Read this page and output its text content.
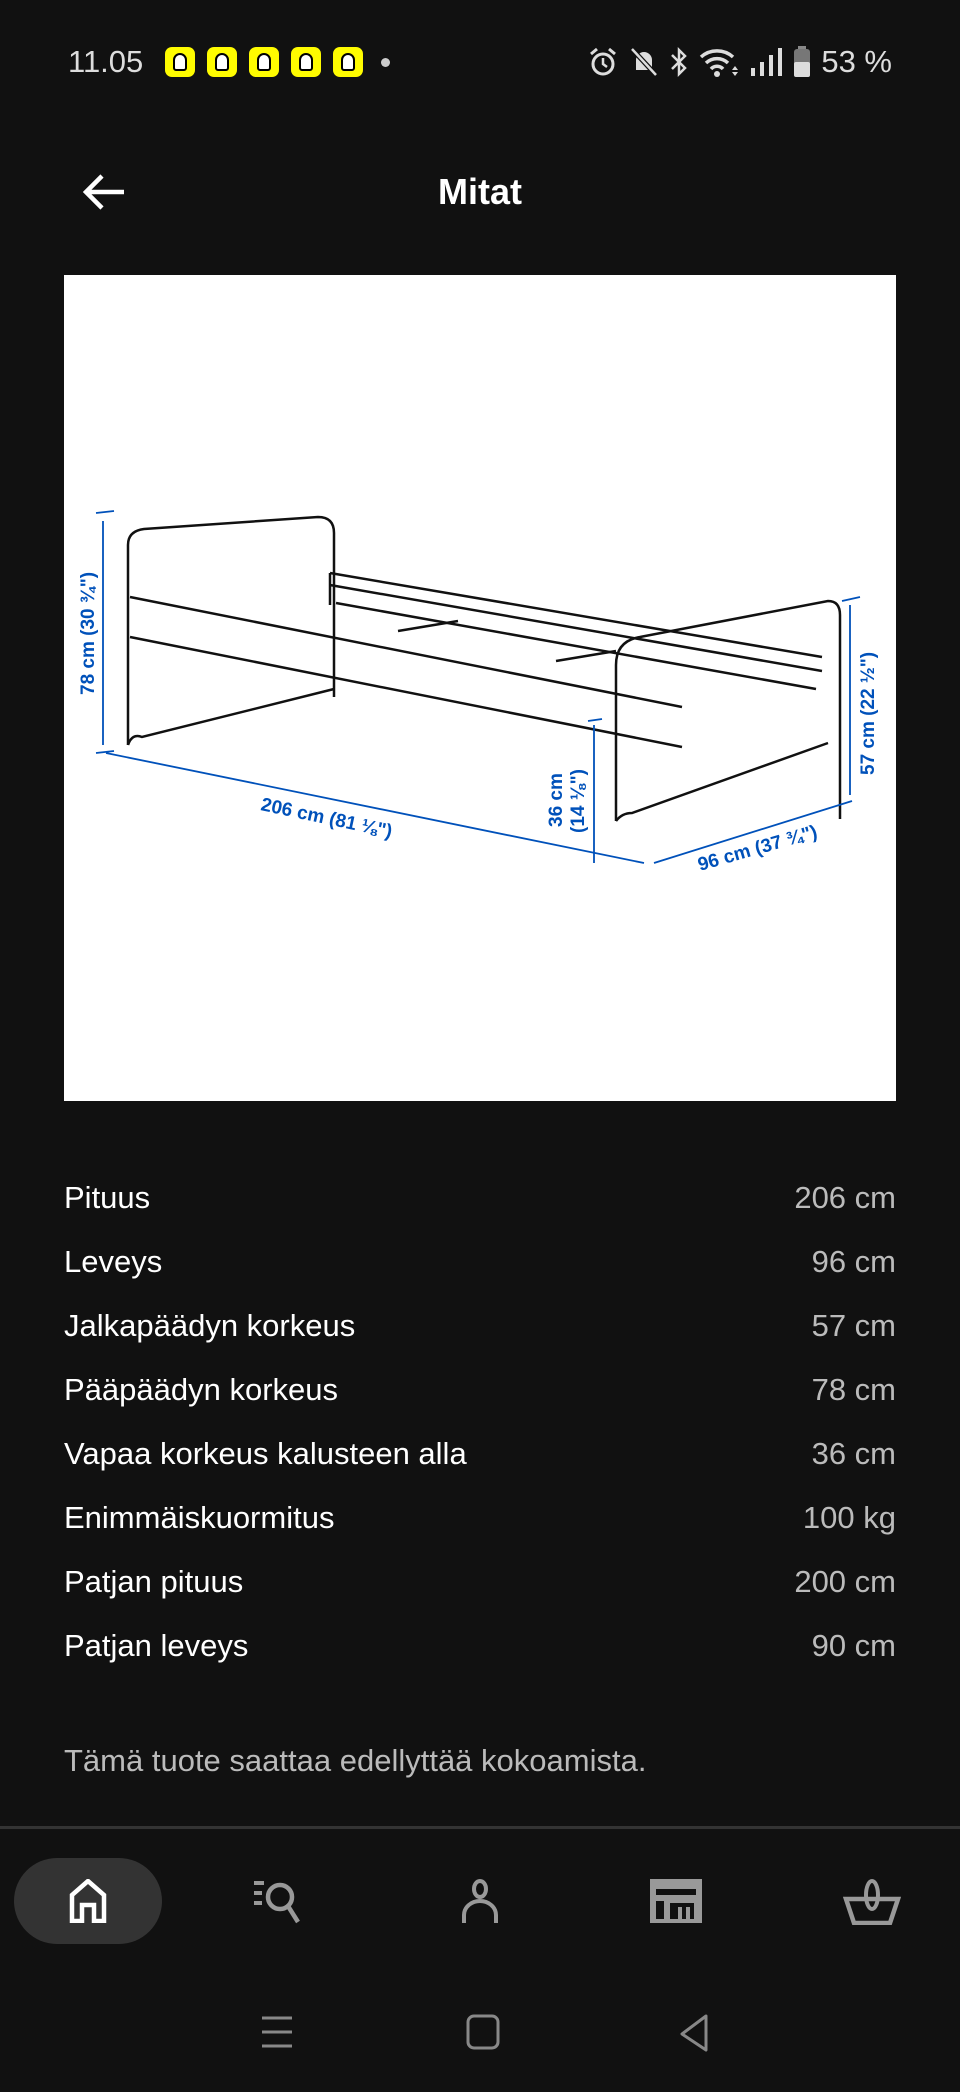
11.05	53 %
Mitat
78 cm (30 ¾")
206 cm (81 ⅛")	36 cm (14 ⅛")
96 cm (37 ¾")
57 cm (22 ½")
Pituus	206 cm
Leveys	96 cm
Jalkapäädyn korkeus	57 cm
Pääpäädyn korkeus	78 cm
Vapaa korkeus kalusteen alla	36 cm
Enimmäiskuormitus	100 kg
Patjan pituus	200 cm
Patjan leveys	90 cm
Tämä tuote saattaa edellyttää kokoamista.
